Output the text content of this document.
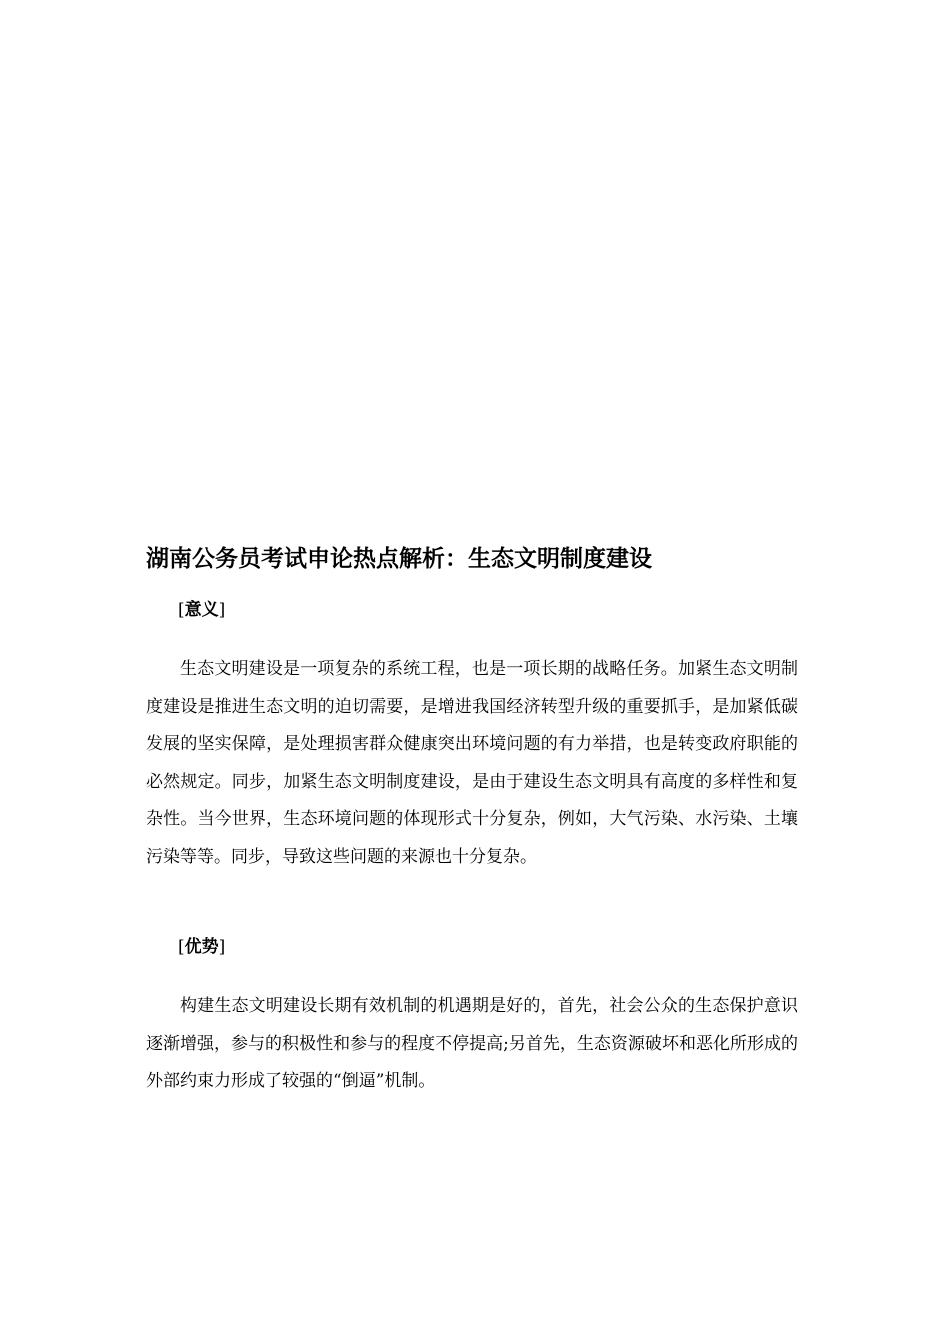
湖南公务员考试申论热点解析：生态文明制度建设
[意义]

生态文明建设是一项复杂的系统工程，也是一项长期的战略任务。加紧生态文明制度建设是推进生态文明的迫切需要，是增进我国经济转型升级的重要抓手，是加紧低碳发展的坚实保障，是处理损害群众健康突出环境问题的有力举措，也是转变政府职能的必然规定。同步，加紧生态文明制度建设，是由于建设生态文明具有高度的多样性和复杂性。当今世界，生态环境问题的体现形式十分复杂，例如，大气污染、水污染、土壤污染等等。同步，导致这些问题的来源也十分复杂。

[优势]

构建生态文明建设长期有效机制的机遇期是好的，首先，社会公众的生态保护意识逐渐增强，参与的积极性和参与的程度不停提高;另首先，生态资源破坏和恶化所形成的外部约束力形成了较强的“倒逼”机制。
